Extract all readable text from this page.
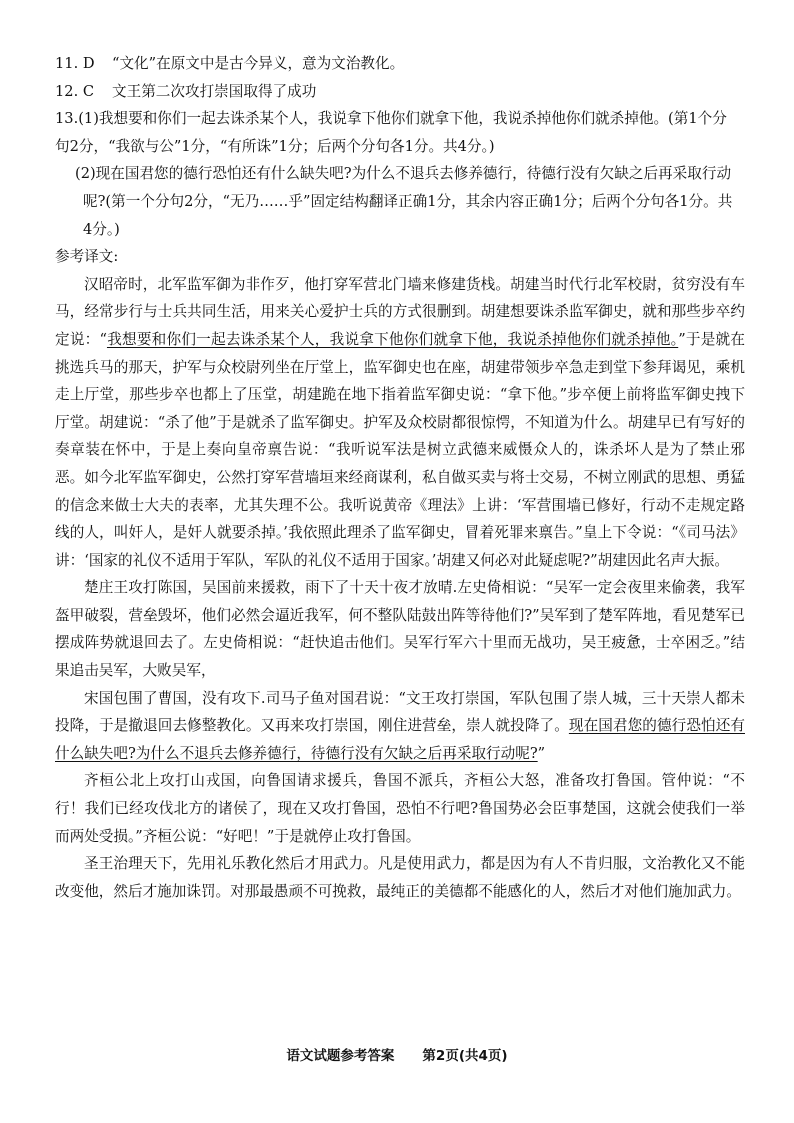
11. D “文化”在原文中是古今异义，意为文治教化。
12. C 文王第二次攻打崇国取得了成功
13.(1)我想要和你们一起去诛杀某个人，我说拿下他你们就拿下他，我说杀掉他你们就杀掉他。(第1个分
句2分，“我欲与公”1分，“有所诛”1分；后两个分句各1分。共4分。)
(2)现在国君您的德行恐怕还有什么缺失吧?为什么不退兵去修养德行，待德行没有欠缺之后再采取行动
呢?(第一个分句2分，“无乃……乎”固定结构翻译正确1分，其余内容正确1分；后两个分句各1分。共
4分。)
参考译文:
汉昭帝时，北军监军御为非作歹，他打穿军营北门墙来修建货栈。胡建当时代行北军校尉，贫穷没有车马，经常步行与士兵共同生活，用来关心爱护士兵的方式很删到。胡建想要诛杀监军御史，就和那些步卒约定说：“我想要和你们一起去诛杀某个人，我说拿下他你们就拿下他，我说杀掉他你们就杀掉他。”于是就在挑选兵马的那天，护军与众校尉列坐在厅堂上，监军御史也在座，胡建带领步卒急走到堂下参拜谒见，乘机走上厅堂，那些步卒也都上了压堂，胡建跪在地下指着监军御史说：“拿下他。”步卒便上前将监军御史拽下厅堂。胡建说：“杀了他”于是就杀了监军御史。护军及众校尉都很惊愕，不知道为什么。胡建早已有写好的奏章装在怀中，于是上奏向皇帝禀告说：“我听说军法是树立武德来威慑众人的，诛杀坏人是为了禁止邪恶。如今北军监军御史，公然打穿军营墙垣来经商谋利，私自做买卖与将士交易，不树立刚武的思想、勇猛的信念来做士大夫的表率，尤其失理不公。我听说黄帝《理法》上讲：‘军营围墙已修好，行动不走规定路线的人，叫奸人，是奸人就要杀掉。’我依照此理杀了监军御史，冒着死罪来禀告。”皇上下令说：“《司马法》讲：‘国家的礼仪不适用于军队，军队的礼仪不适用于国家。’胡建又何必对此疑虑呢?”胡建因此名声大振。
楚庄王攻打陈国，吴国前来援救，雨下了十天十夜才放晴.左史倚相说：“吴军一定会夜里来偷袭，我军盔甲破裂，营垒毁坏，他们必然会逼近我军，何不整队陆鼓出阵等待他们?”吴军到了楚军阵地，看见楚军已摆成阵势就退回去了。左史倚相说：“赶快追击他们。吴军行军六十里而无战功，吴王疲惫，士卒困乏。”结果追击吴军，大败吴军，
宋国包围了曹国，没有攻下.司马子鱼对国君说：“文王攻打崇国，军队包围了崇人城，三十天崇人都未投降，于是撤退回去修整教化。又再来攻打崇国，刚住进营垒，崇人就投降了。现在国君您的德行恐怕还有什么缺失吧?为什么不退兵去修养德行，待德行没有欠缺之后再采取行动呢?”
齐桓公北上攻打山戎国，向鲁国请求援兵，鲁国不派兵，齐桓公大怒，准备攻打鲁国。管仲说：“不行！我们已经攻伐北方的诸侯了，现在又攻打鲁国，恐怕不行吧?鲁国势必会臣事楚国，这就会使我们一举而两处受损。”齐桓公说：“好吧！”于是就停止攻打鲁国。
圣王治理天下，先用礼乐教化然后才用武力。凡是使用武力，都是因为有人不肯归服，文治教化又不能改变他，然后才施加诛罚。对那最愚顽不可挽救，最纯正的美德都不能感化的人，然后才对他们施加武力。
语文试题参考答案 第2页(共4页)
